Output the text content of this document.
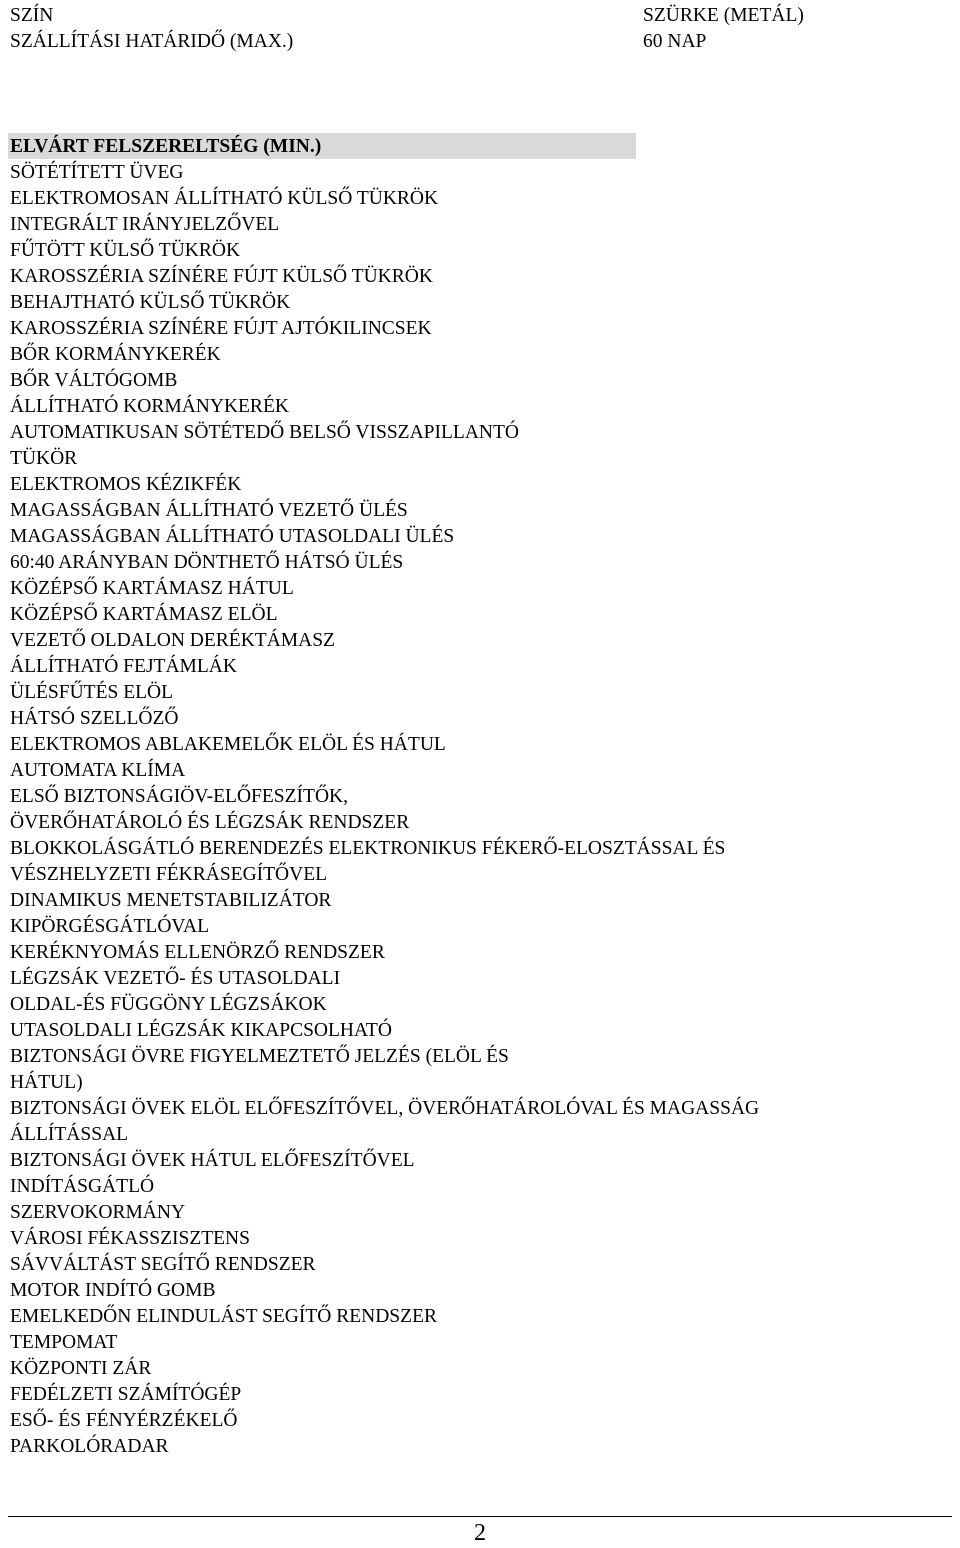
SZÍN	SZÜRKE (METÁL)
SZÁLLÍTÁSI HATÁRIDŐ (MAX.)	60 NAP
ELVÁRT FELSZERELTSÉG (MIN.)
SÖTÉTÍTETT ÜVEG
ELEKTROMOSAN ÁLLÍTHATÓ KÜLSŐ TÜKRÖK
INTEGRÁLT IRÁNYJELZŐVEL
FŰTÖTT KÜLSŐ TÜKRÖK
KAROSSZÉRIA SZÍNÉRE FÚJT KÜLSŐ TÜKRÖK
BEHAJTHATÓ KÜLSŐ TÜKRÖK
KAROSSZÉRIA SZÍNÉRE FÚJT AJTÓKILINCSEK
BŐR KORMÁNYKERÉK
BŐR VÁLTÓGOMB
ÁLLÍTHATÓ KORMÁNYKERÉK
AUTOMATIKUSAN SÖTÉTEDŐ BELSŐ VISSZAPILLANTÓ
TÜKÖR
ELEKTROMOS KÉZIKFÉK
MAGASSÁGBAN ÁLLÍTHATÓ VEZETŐ ÜLÉS
MAGASSÁGBAN ÁLLÍTHATÓ UTASOLDALI ÜLÉS
60:40 ARÁNYBAN DÖNTHETŐ HÁTSÓ ÜLÉS
KÖZÉPSŐ KARTÁMASZ HÁTUL
KÖZÉPSŐ KARTÁMASZ ELÖL
VEZETŐ OLDALON DERÉKTÁMASZ
ÁLLÍTHATÓ FEJTÁMLÁK
ÜLÉSFŰTÉS ELÖL
HÁTSÓ SZELLŐZŐ
ELEKTROMOS ABLAKEMELŐK ELÖL ÉS HÁTUL
AUTOMATA KLÍMA
ELSŐ BIZTONSÁGIÖV-ELŐFESZÍTŐK,
ÖVERŐHATÁROLÓ ÉS LÉGZSÁK RENDSZER
BLOKKOLÁSGÁTLÓ BERENDEZÉS ELEKTRONIKUS FÉKERŐ-ELOSZTÁSSAL ÉS
VÉSZHELYZETI FÉKRÁSEGÍTŐVEL
DINAMIKUS MENETSTABILIZÁTOR
KIPÖRGÉSGÁTLÓVAL
KERÉKNYOMÁS ELLENÖRZŐ RENDSZER
LÉGZSÁK VEZETŐ- ÉS UTASOLDALI
OLDAL-ÉS FÜGGÖNY LÉGZSÁKOK
UTASOLDALI LÉGZSÁK KIKAPCSOLHATÓ
BIZTONSÁGI ÖVRE FIGYELMEZTETŐ JELZÉS (ELÖL ÉS
HÁTUL)
BIZTONSÁGI ÖVEK ELÖL ELŐFESZÍTŐVEL, ÖVERŐHATÁROLÓVAL ÉS MAGASSÁG
ÁLLÍTÁSSAL
BIZTONSÁGI ÖVEK HÁTUL ELŐFESZÍTŐVEL
INDÍTÁSGÁTLÓ
SZERVOKORMÁNY
VÁROSI FÉKASSZISZTENS
SÁVVÁLTÁST SEGÍTŐ RENDSZER
MOTOR INDÍTÓ GOMB
EMELKEDŐN ELINDULÁST SEGÍTŐ RENDSZER
TEMPOMAT
KÖZPONTI ZÁR
FEDÉLZETI SZÁMÍTÓGÉP
ESŐ- ÉS FÉNYÉRZÉKELŐ
PARKOLÓRADAR
2
